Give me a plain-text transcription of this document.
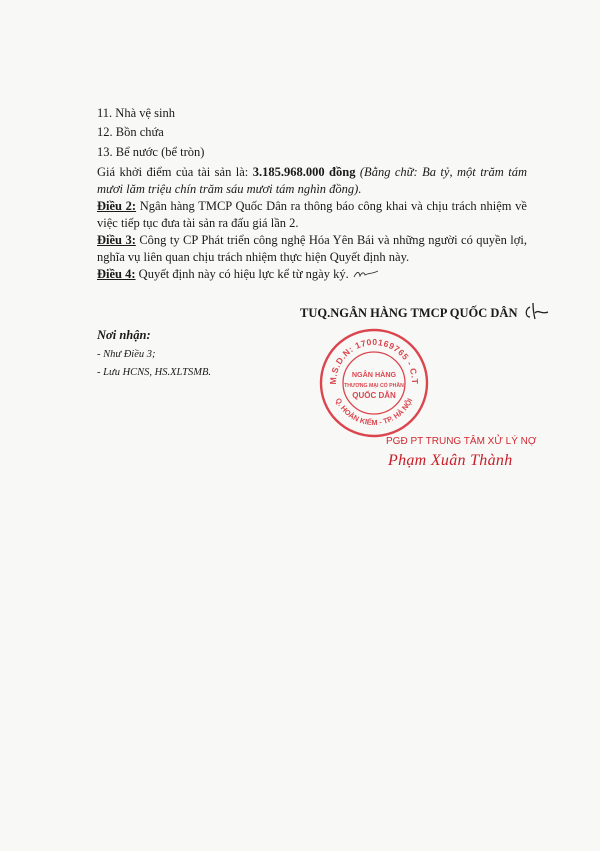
11. Nhà vệ sinh
12. Bồn chứa
13. Bể nước (bể tròn)
Giá khởi điểm của tài sản là: 3.185.968.000 đồng (Bằng chữ: Ba tỷ, một trăm tám mươi lăm triệu chín trăm sáu mươi tám nghìn đồng).
Điều 2: Ngân hàng TMCP Quốc Dân ra thông báo công khai và chịu trách nhiệm về việc tiếp tục đưa tài sản ra đấu giá lần 2.
Điều 3: Công ty CP Phát triển công nghệ Hóa Yên Bái và những người có quyền lợi, nghĩa vụ liên quan chịu trách nhiệm thực hiện Quyết định này.
Điều 4: Quyết định này có hiệu lực kể từ ngày ký.
TUQ.NGÂN HÀNG TMCP QUỐC DÂN
Nơi nhận:
- Như Điều 3;
- Lưu HCNS, HS.XLTSMB.
M.S.D.N: 1700169765 - C.T
Q. HOÀN KIẾM - TP. HÀ NỘI
NGÂN HÀNG
THƯƠNG MẠI CỔ PHẦN
QUỐC DÂN
PGĐ PT TRUNG TÂM XỬ LÝ NỢ
Phạm Xuân Thành
